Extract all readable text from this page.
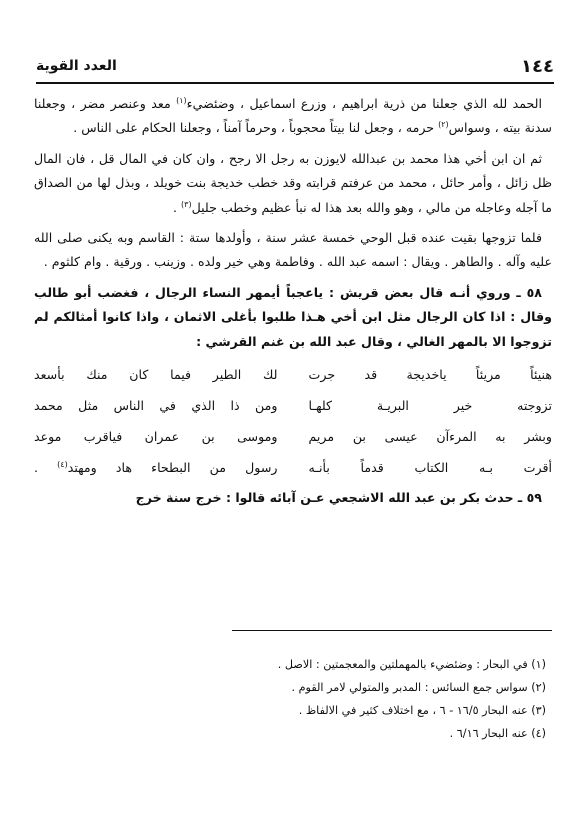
١٤٤
العدد القوية

الحمد لله الذي جعلنا من ذرية ابراهيم ، وزرع اسماعيل ، وضئضيء$^{(١)}$ معد وعنصر مضر ، وجعلنا سدنة بيته ، وسواس$^{(٢)}$ حرمه ، وجعل لنا بيتاً محجوباً ، وحرماً آمناً ، وجعلنا الحكام على الناس .

ثم ان ابن أخي هذا محمد بن عبدالله لايوزن به رجل الا رجح ، وان كان في المال قل ، فان المال ظل زائل ، وأمر حائل ، محمد من عرفتم قرابته وقد خطب خديجة بنت خويلد ، وبذل لها من الصداق ما آجله وعاجله من مالي ، وهو والله بعد هذا له نبأ عظيم وخطب جليل$^{(٣)}$ .

فلما تزوجها بقيت عنده قبل الوحي خمسة عشر سنة ، وأولدها ستة : القاسم وبه يكنى صلى الله عليه وآله . والطاهر . ويقال : اسمه عبد الله . وفاطمة وهي خير ولده . وزينب . ورقية . وام كلثوم .

٥٨ ـ وروي أنـه قال بعض قريش : ياعجباً أيمهر النساء الرجال ، فغضب أبو طالب وقال : اذا كان الرجال مثل ابن أخي هـذا طلبوا بأغلى الاثمان ، واذا كانوا أمثالكم لم تزوجوا الا بالمهر الغالي ، وقال عبد الله بن غنم القرشي :

هنيئاً مريئاً ياخديجة قد جرت
لك الطير فيما كان منك بأسعد
تزوجته خير البريـة كلهـا
ومن ذا الذي في الناس مثل محمد
وبشر به المرءآن عيسى بن مريم
وموسى بن عمران فياقرب موعد
أقرت بـه الكتاب قدماً بأنـه
رسول من البطحاء هاد ومهتد$^{(٤)}$ .

٥٩ ـ حدث بكر بن عبد الله الاشجعي عـن آبائه قالوا : خرج سنة خرج

(١) في البحار : وضئضيء بالمهملتين والمعجمتين : الاصل .
(٢) سواس جمع السائس : المدبر والمتولي لامر القوم .
(٣) عنه البحار ١٦/٥ - ٦ ، مع اختلاف كثير في الالفاظ .
(٤) عنه البحار ٦/١٦ .
